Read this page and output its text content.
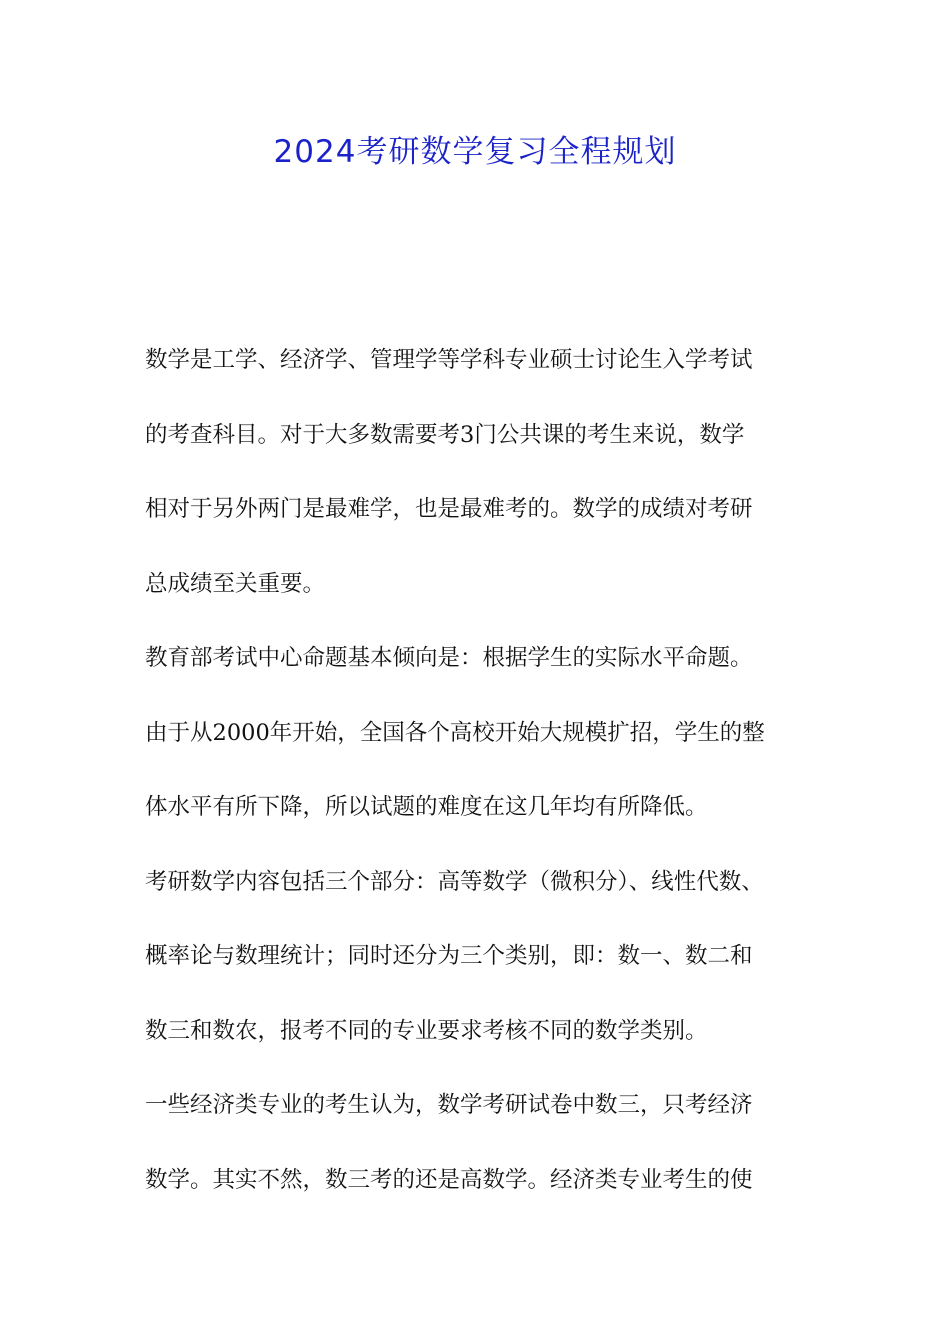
2024考研数学复习全程规划
数学是工学、经济学、管理学等学科专业硕士讨论生入学考试
的考查科目。对于大多数需要考3门公共课的考生来说，数学
相对于另外两门是最难学，也是最难考的。数学的成绩对考研
总成绩至关重要。
教育部考试中心命题基本倾向是：根据学生的实际水平命题。
由于从2000年开始，全国各个高校开始大规模扩招，学生的整
体水平有所下降，所以试题的难度在这几年均有所降低。
考研数学内容包括三个部分：高等数学（微积分）、线性代数、
概率论与数理统计；同时还分为三个类别，即：数一、数二和
数三和数农，报考不同的专业要求考核不同的数学类别。
一些经济类专业的考生认为，数学考研试卷中数三，只考经济
数学。其实不然，数三考的还是高数学。经济类专业考生的使
